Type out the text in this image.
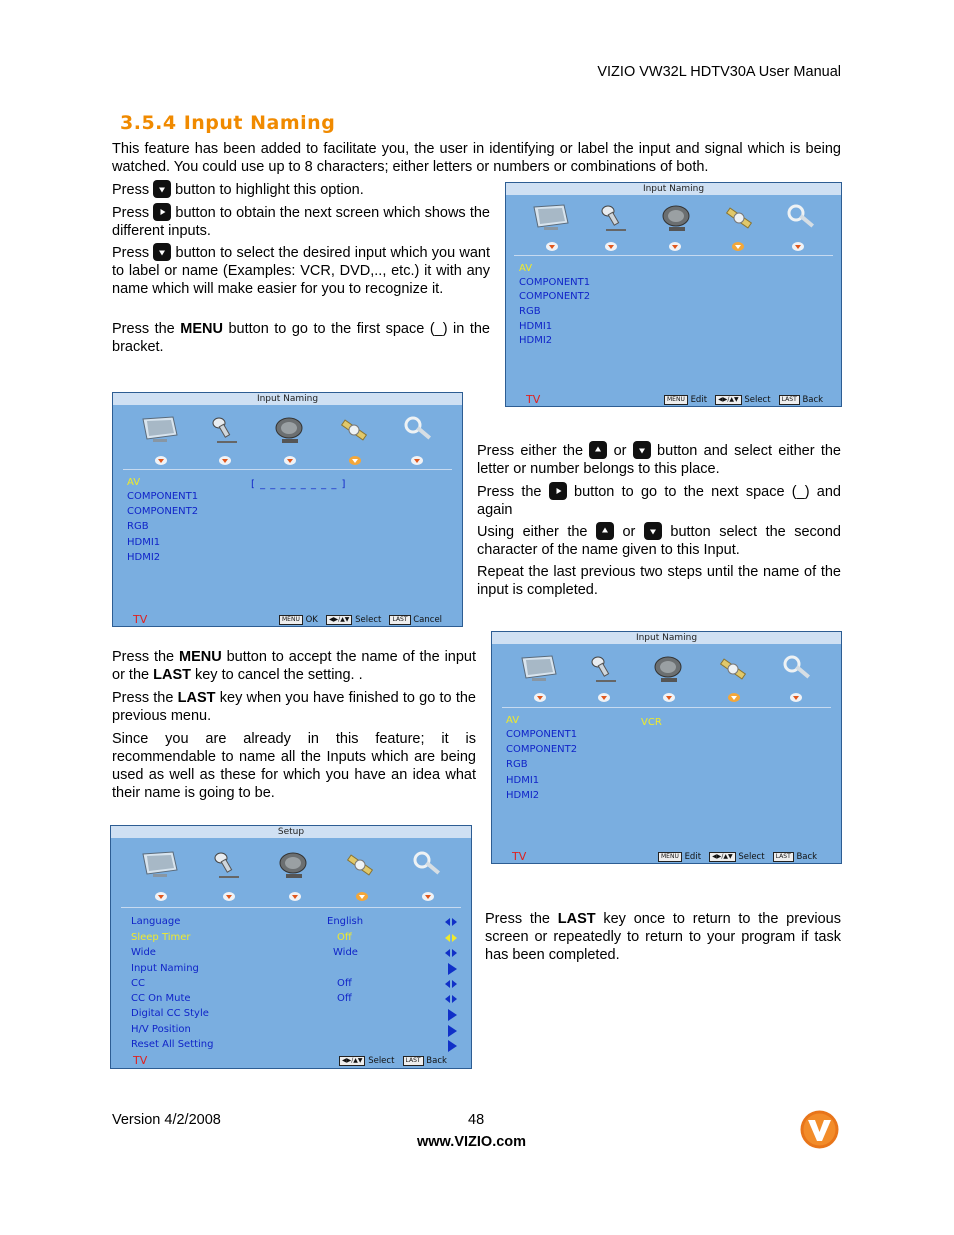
VIZIO VW32L HDTV30A User Manual
3.5.4 Input Naming

This feature has been added to facilitate you, the user in identifying or label the input and signal which is being watched. You could use up to 8 characters; either letters or numbers or combinations of both.

Press  button to highlight this option.

Press  button to obtain the next screen which shows the different inputs.

Press  button to select the desired input which you want to label or name (Examples: VCR, DVD,.., etc.) it with any name which will make easier for you to recognize it.

Press the MENU button to go to the first space (_) in the bracket.

Press either the  or  button and select either the letter or number belongs to this place.

Press the  button to go to the next space (_) and again

Using either the  or  button select the second character of the name given to this Input.

Repeat the last previous two steps until the name of the input is completed.

Press the MENU button to accept the name of the input or the LAST key to cancel the setting. .

Press the LAST key when you have finished to go to the previous menu.

Since you are already in this feature; it is recommendable to name all the Inputs which are being used as well as these for which you have an idea what their name is going to be.

Press the LAST key once to return to the previous screen or repeatedly to return to your program if task has been completed.

Input Naming
AV
COMPONENT1
COMPONENT2
RGB
HDMI1
HDMI2
TV	MENU Edit ◀▶/▲▼ Select LAST Back
Input Naming
AV
COMPONENT1
COMPONENT2
RGB
HDMI1
HDMI2
[ _ _ _ _ _ _ _ _ ]
TV	MENU OK ◀▶/▲▼ Select LAST Cancel
Input Naming
AV
COMPONENT1
COMPONENT2
RGB
HDMI1
HDMI2
VCR
TV	MENU Edit ◀▶/▲▼ Select LAST Back
Setup
Language	English
Sleep Timer	Off
Wide	Wide
Input Naming
CC	Off
CC On Mute	Off
Digital CC Style
H/V Position
Reset All Setting
TV	◀▶/▲▼ Select LAST Back
Version 4/2/2008	48
www.VIZIO.com
